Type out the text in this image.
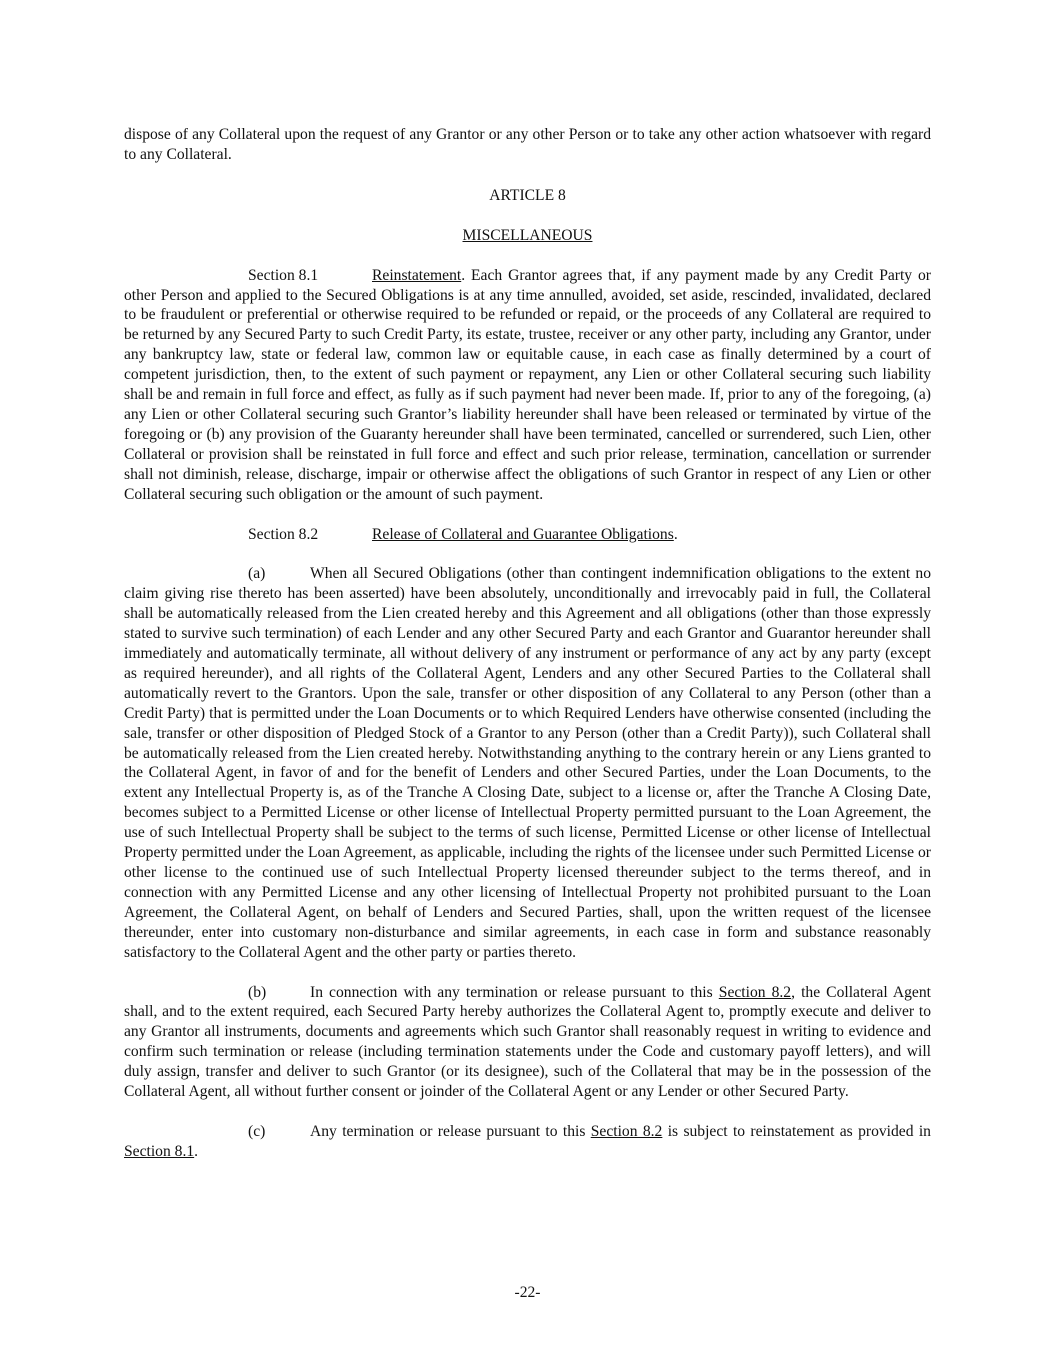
dispose of any Collateral upon the request of any Grantor or any other Person or to take any other action whatsoever with regard to any Collateral.

ARTICLE 8

MISCELLANEOUS

Section 8.1	Reinstatement. Each Grantor agrees that, if any payment made by any Credit Party or other Person and applied to the Secured Obligations is at any time annulled, avoided, set aside, rescinded, invalidated, declared to be fraudulent or preferential or otherwise required to be refunded or repaid, or the proceeds of any Collateral are required to be returned by any Secured Party to such Credit Party, its estate, trustee, receiver or any other party, including any Grantor, under any bankruptcy law, state or federal law, common law or equitable cause, in each case as finally determined by a court of competent jurisdiction, then, to the extent of such payment or repayment, any Lien or other Collateral securing such liability shall be and remain in full force and effect, as fully as if such payment had never been made. If, prior to any of the foregoing, (a) any Lien or other Collateral securing such Grantor’s liability hereunder shall have been released or terminated by virtue of the foregoing or (b) any provision of the Guaranty hereunder shall have been terminated, cancelled or surrendered, such Lien, other Collateral or provision shall be reinstated in full force and effect and such prior release, termination, cancellation or surrender shall not diminish, release, discharge, impair or otherwise affect the obligations of such Grantor in respect of any Lien or other Collateral securing such obligation or the amount of such payment.

Section 8.2	Release of Collateral and Guarantee Obligations.

(a)	When all Secured Obligations (other than contingent indemnification obligations to the extent no claim giving rise thereto has been asserted) have been absolutely, unconditionally and irrevocably paid in full, the Collateral shall be automatically released from the Lien created hereby and this Agreement and all obligations (other than those expressly stated to survive such termination) of each Lender and any other Secured Party and each Grantor and Guarantor hereunder shall immediately and automatically terminate, all without delivery of any instrument or performance of any act by any party (except as required hereunder), and all rights of the Collateral Agent, Lenders and any other Secured Parties to the Collateral shall automatically revert to the Grantors. Upon the sale, transfer or other disposition of any Collateral to any Person (other than a Credit Party) that is permitted under the Loan Documents or to which Required Lenders have otherwise consented (including the sale, transfer or other disposition of Pledged Stock of a Grantor to any Person (other than a Credit Party)), such Collateral shall be automatically released from the Lien created hereby. Notwithstanding anything to the contrary herein or any Liens granted to the Collateral Agent, in favor of and for the benefit of Lenders and other Secured Parties, under the Loan Documents, to the extent any Intellectual Property is, as of the Tranche A Closing Date, subject to a license or, after the Tranche A Closing Date, becomes subject to a Permitted License or other license of Intellectual Property permitted pursuant to the Loan Agreement, the use of such Intellectual Property shall be subject to the terms of such license, Permitted License or other license of Intellectual Property permitted under the Loan Agreement, as applicable, including the rights of the licensee under such Permitted License or other license to the continued use of such Intellectual Property licensed thereunder subject to the terms thereof, and in connection with any Permitted License and any other licensing of Intellectual Property not prohibited pursuant to the Loan Agreement, the Collateral Agent, on behalf of Lenders and Secured Parties, shall, upon the written request of the licensee thereunder, enter into customary non-disturbance and similar agreements, in each case in form and substance reasonably satisfactory to the Collateral Agent and the other party or parties thereto.

(b)	In connection with any termination or release pursuant to this Section 8.2, the Collateral Agent shall, and to the extent required, each Secured Party hereby authorizes the Collateral Agent to, promptly execute and deliver to any Grantor all instruments, documents and agreements which such Grantor shall reasonably request in writing to evidence and confirm such termination or release (including termination statements under the Code and customary payoff letters), and will duly assign, transfer and deliver to such Grantor (or its designee), such of the Collateral that may be in the possession of the Collateral Agent, all without further consent or joinder of the Collateral Agent or any Lender or other Secured Party.

(c)	Any termination or release pursuant to this Section 8.2 is subject to reinstatement as provided in Section 8.1.

-22-
